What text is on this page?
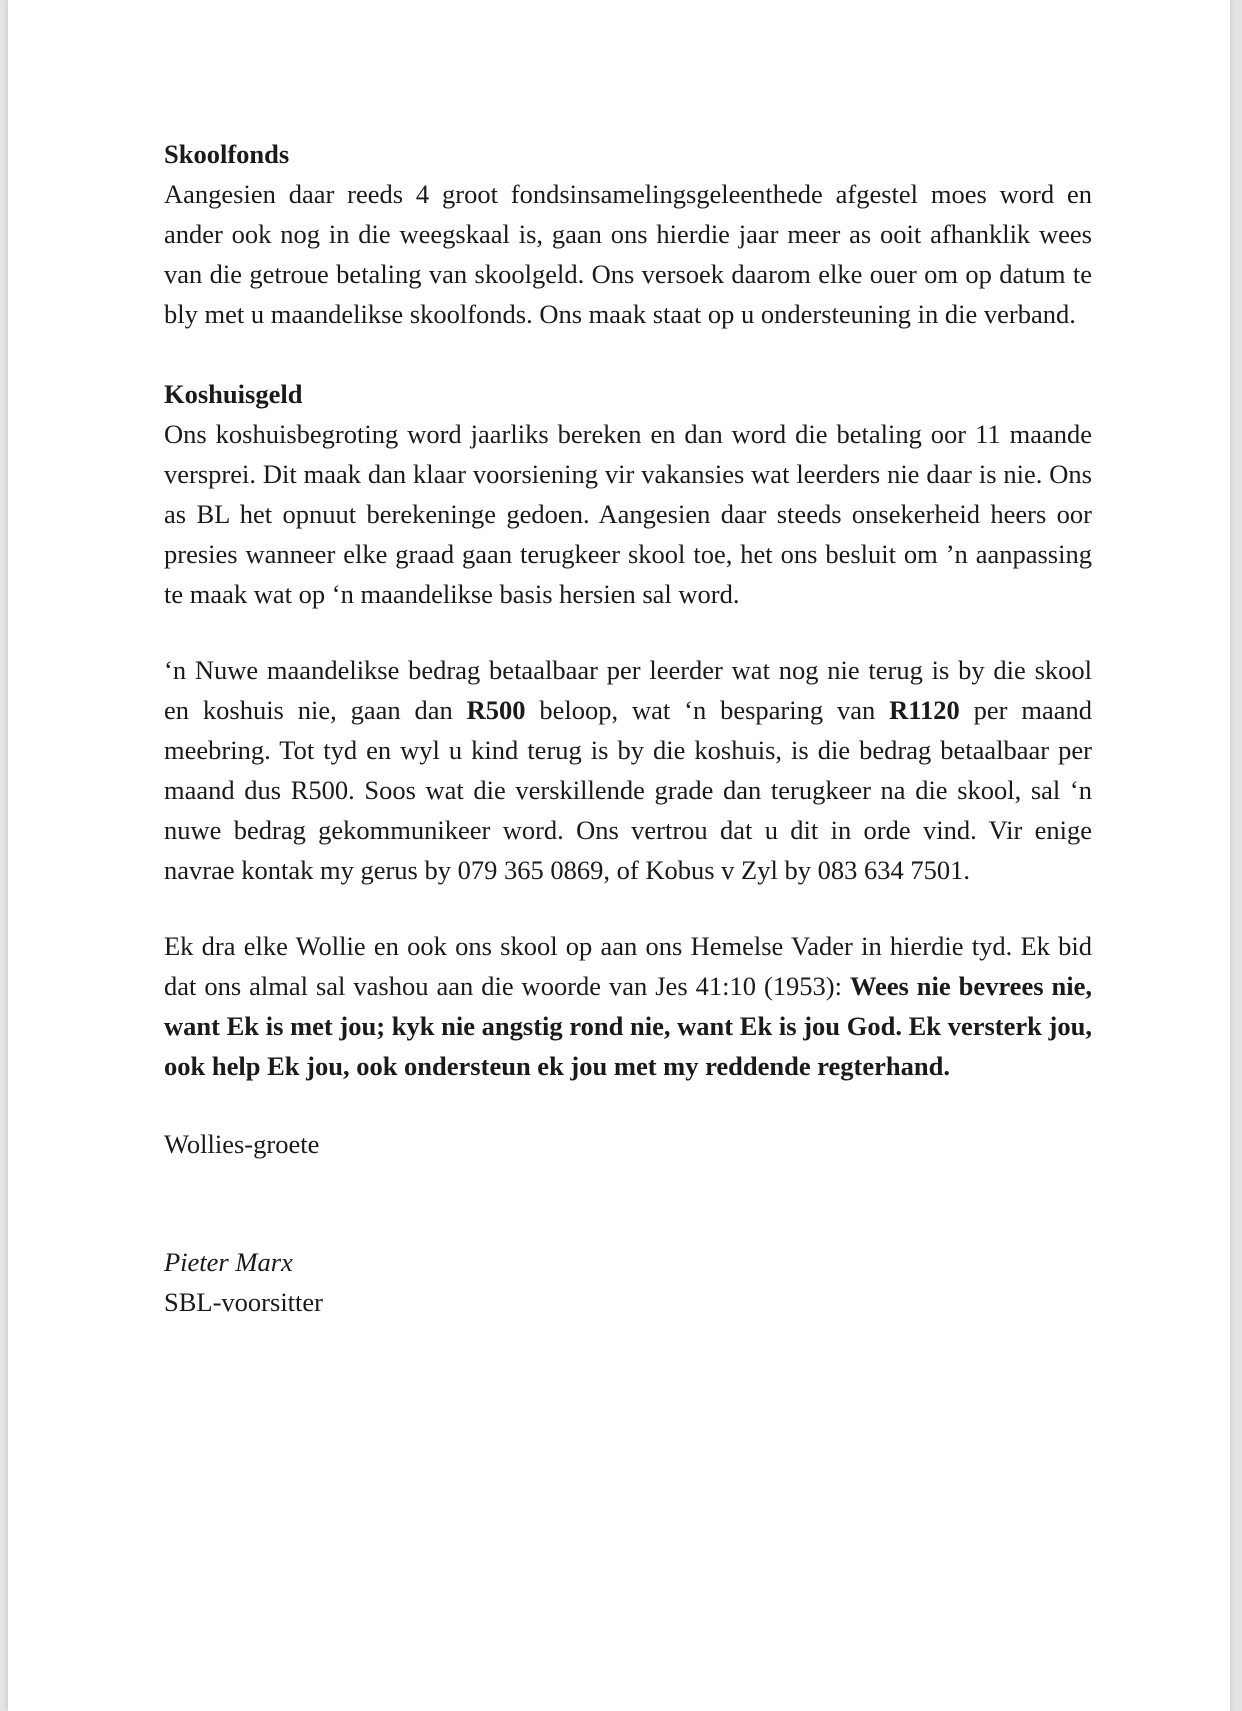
Skoolfonds

Aangesien daar reeds 4 groot fondsinsamelingsgeleenthede afgestel moes word en ander ook nog in die weegskaal is, gaan ons hierdie jaar meer as ooit afhanklik wees van die getroue betaling van skoolgeld. Ons versoek daarom elke ouer om op datum te bly met u maandelikse skoolfonds. Ons maak staat op u ondersteuning in die verband.

Koshuisgeld

Ons koshuisbegroting word jaarliks bereken en dan word die betaling oor 11 maande versprei. Dit maak dan klaar voorsiening vir vakansies wat leerders nie daar is nie. Ons as BL het opnuut berekeninge gedoen. Aangesien daar steeds onsekerheid heers oor presies wanneer elke graad gaan terugkeer skool toe, het ons besluit om ’n aanpassing te maak wat op ‘n maandelikse basis hersien sal word.

‘n Nuwe maandelikse bedrag betaalbaar per leerder wat nog nie terug is by die skool en koshuis nie, gaan dan R500 beloop, wat ‘n besparing van R1120 per maand meebring. Tot tyd en wyl u kind terug is by die koshuis, is die bedrag betaalbaar per maand dus R500. Soos wat die verskillende grade dan terugkeer na die skool, sal ‘n nuwe bedrag gekommunikeer word. Ons vertrou dat u dit in orde vind. Vir enige navrae kontak my gerus by 079 365 0869, of Kobus v Zyl by 083 634 7501.

Ek dra elke Wollie en ook ons skool op aan ons Hemelse Vader in hierdie tyd. Ek bid dat ons almal sal vashou aan die woorde van Jes 41:10 (1953): Wees nie bevrees nie, want Ek is met jou; kyk nie angstig rond nie, want Ek is jou God. Ek versterk jou, ook help Ek jou, ook ondersteun ek jou met my reddende regterhand.

Wollies-groete

Pieter Marx

SBL-voorsitter
